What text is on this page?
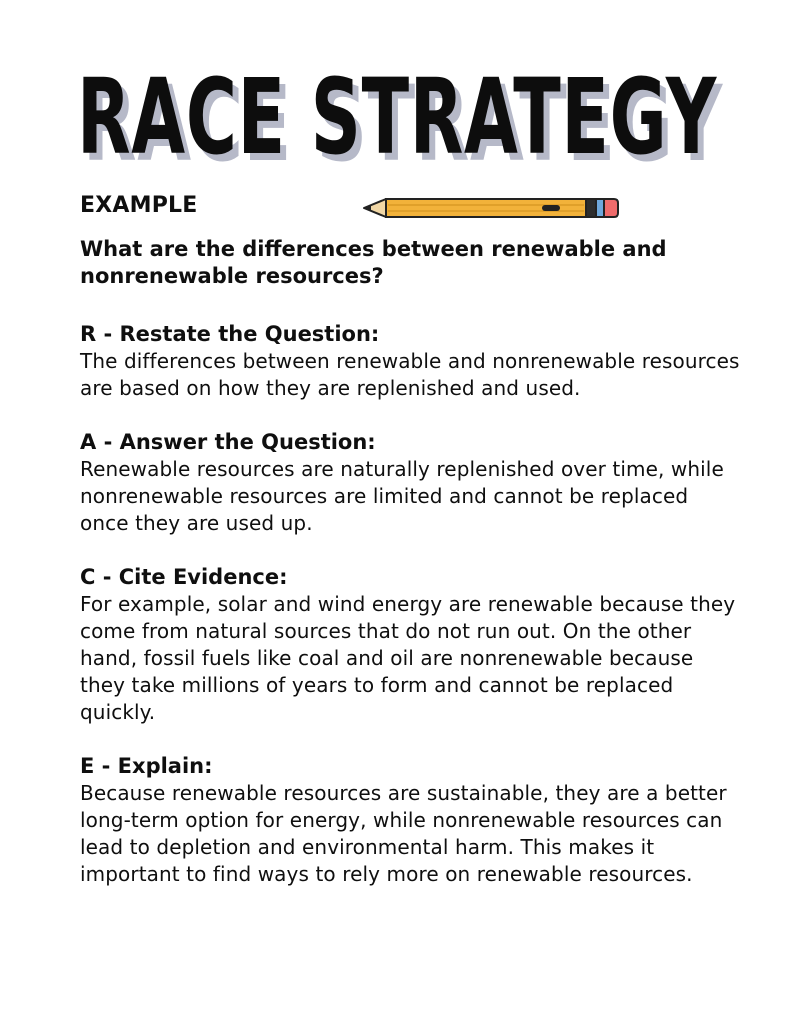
RACE STRATEGY
RACE STRATEGY
EXAMPLE

What are the differences between renewable and nonrenewable resources?

R - Restate the Question:

The differences between renewable and nonrenewable resources are based on how they are replenished and used.

A - Answer the Question:

Renewable resources are naturally replenished over time, while nonrenewable resources are limited and cannot be replaced once they are used up.

C - Cite Evidence:

For example, solar and wind energy are renewable because they come from natural sources that do not run out. On the other hand, fossil fuels like coal and oil are nonrenewable because they take millions of years to form and cannot be replaced quickly.

E - Explain:

Because renewable resources are sustainable, they are a better long-term option for energy, while nonrenewable resources can lead to depletion and environmental harm. This makes it important to find ways to rely more on renewable resources.
